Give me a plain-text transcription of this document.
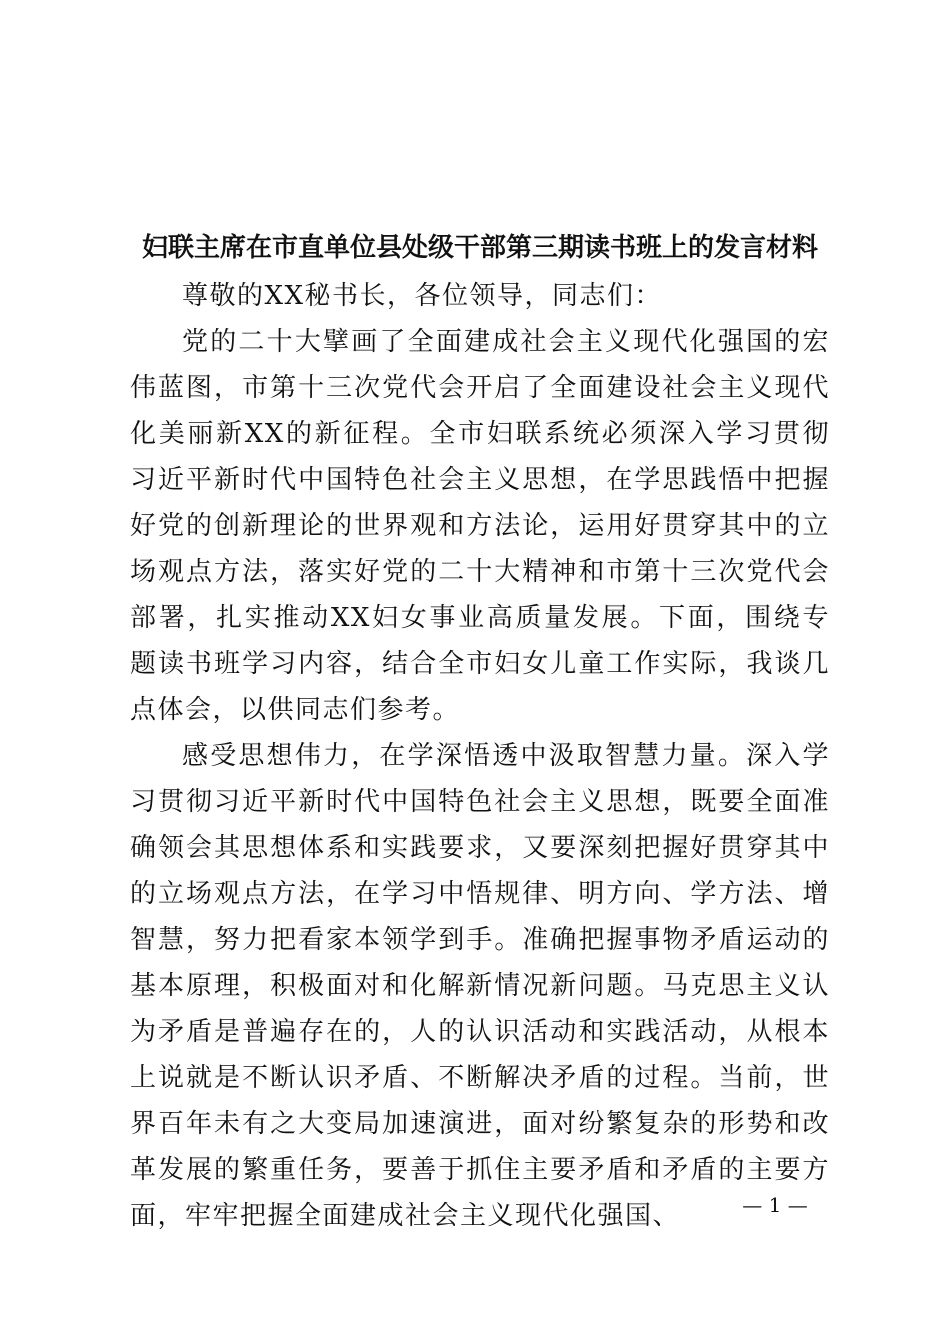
妇联主席在市直单位县处级干部第三期读书班上的发言材料

尊敬的XX秘书长，各位领导，同志们：

党的二十大擘画了全面建成社会主义现代化强国的宏伟蓝图，市第十三次党代会开启了全面建设社会主义现代化美丽新XX的新征程。全市妇联系统必须深入学习贯彻习近平新时代中国特色社会主义思想，在学思践悟中把握好党的创新理论的世界观和方法论，运用好贯穿其中的立场观点方法，落实好党的二十大精神和市第十三次党代会部署，扎实推动XX妇女事业高质量发展。下面，围绕专题读书班学习内容，结合全市妇女儿童工作实际，我谈几点体会，以供同志们参考。

感受思想伟力，在学深悟透中汲取智慧力量。深入学习贯彻习近平新时代中国特色社会主义思想，既要全面准确领会其思想体系和实践要求，又要深刻把握好贯穿其中的立场观点方法，在学习中悟规律、明方向、学方法、增智慧，努力把看家本领学到手。准确把握事物矛盾运动的基本原理，积极面对和化解新情况新问题。马克思主义认为矛盾是普遍存在的，人的认识活动和实践活动，从根本上说就是不断认识矛盾、不断解决矛盾的过程。当前，世界百年未有之大变局加速演进，面对纷繁复杂的形势和改革发展的繁重任务，要善于抓住主要矛盾和矛盾的主要方面，牢牢把握全面建成社会主义现代化强国、	— 1 —
